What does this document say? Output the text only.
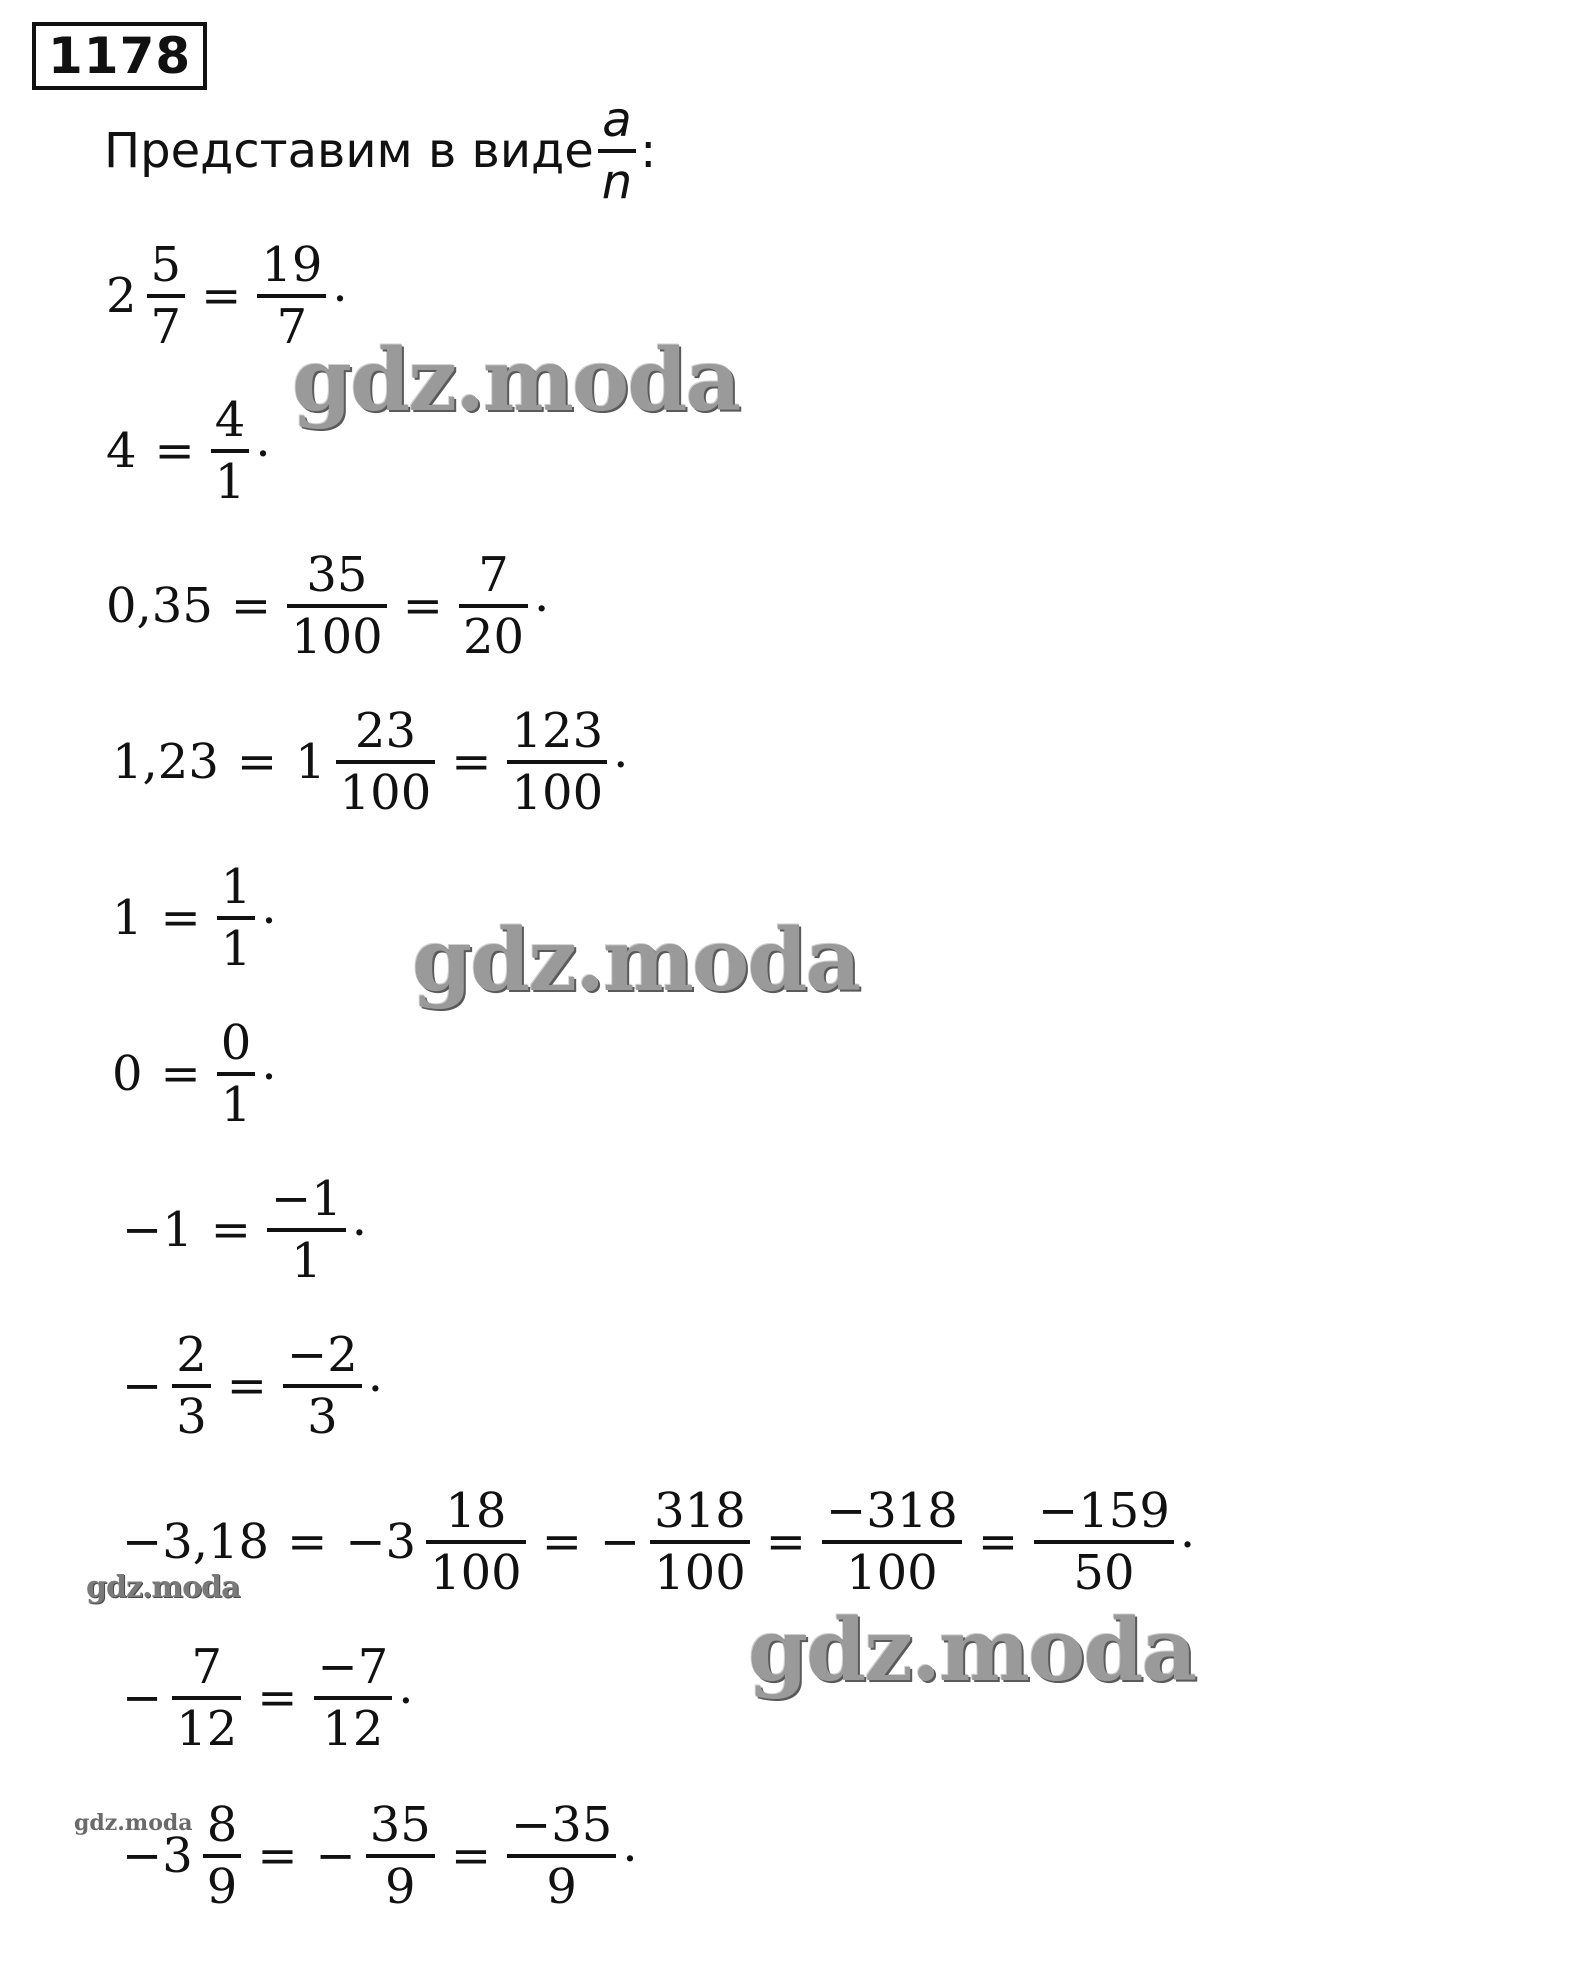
1178
Представим в виде $\frac{a}{n}$ :
$2 \frac{5}{7} = \frac{19}{7}$ .
$4 = \frac{4}{1}$ .
$0,35 = \frac{35}{100} = \frac{7}{20}$ .
$1,23 = 1 \frac{23}{100} = \frac{123}{100}$ .
$1 = \frac{1}{1}$ .
$0 = \frac{0}{1}$ .
$-1 = \frac{-1}{1}$ .
− $\frac{2}{3} = \frac{-2}{3}$ .
$-3,18 = -3 \frac{18}{100}$ = − $\frac{318}{100} = \frac{-318}{100} = \frac{-159}{50}$ .
− $\frac{7}{12} = \frac{-7}{12}$ .
$-3 \frac{8}{9}$ = − $\frac{35}{9} = \frac{-35}{9}$ .
gdz.moda
gdz.moda
gdz.moda
gdz.moda
gdz.moda
